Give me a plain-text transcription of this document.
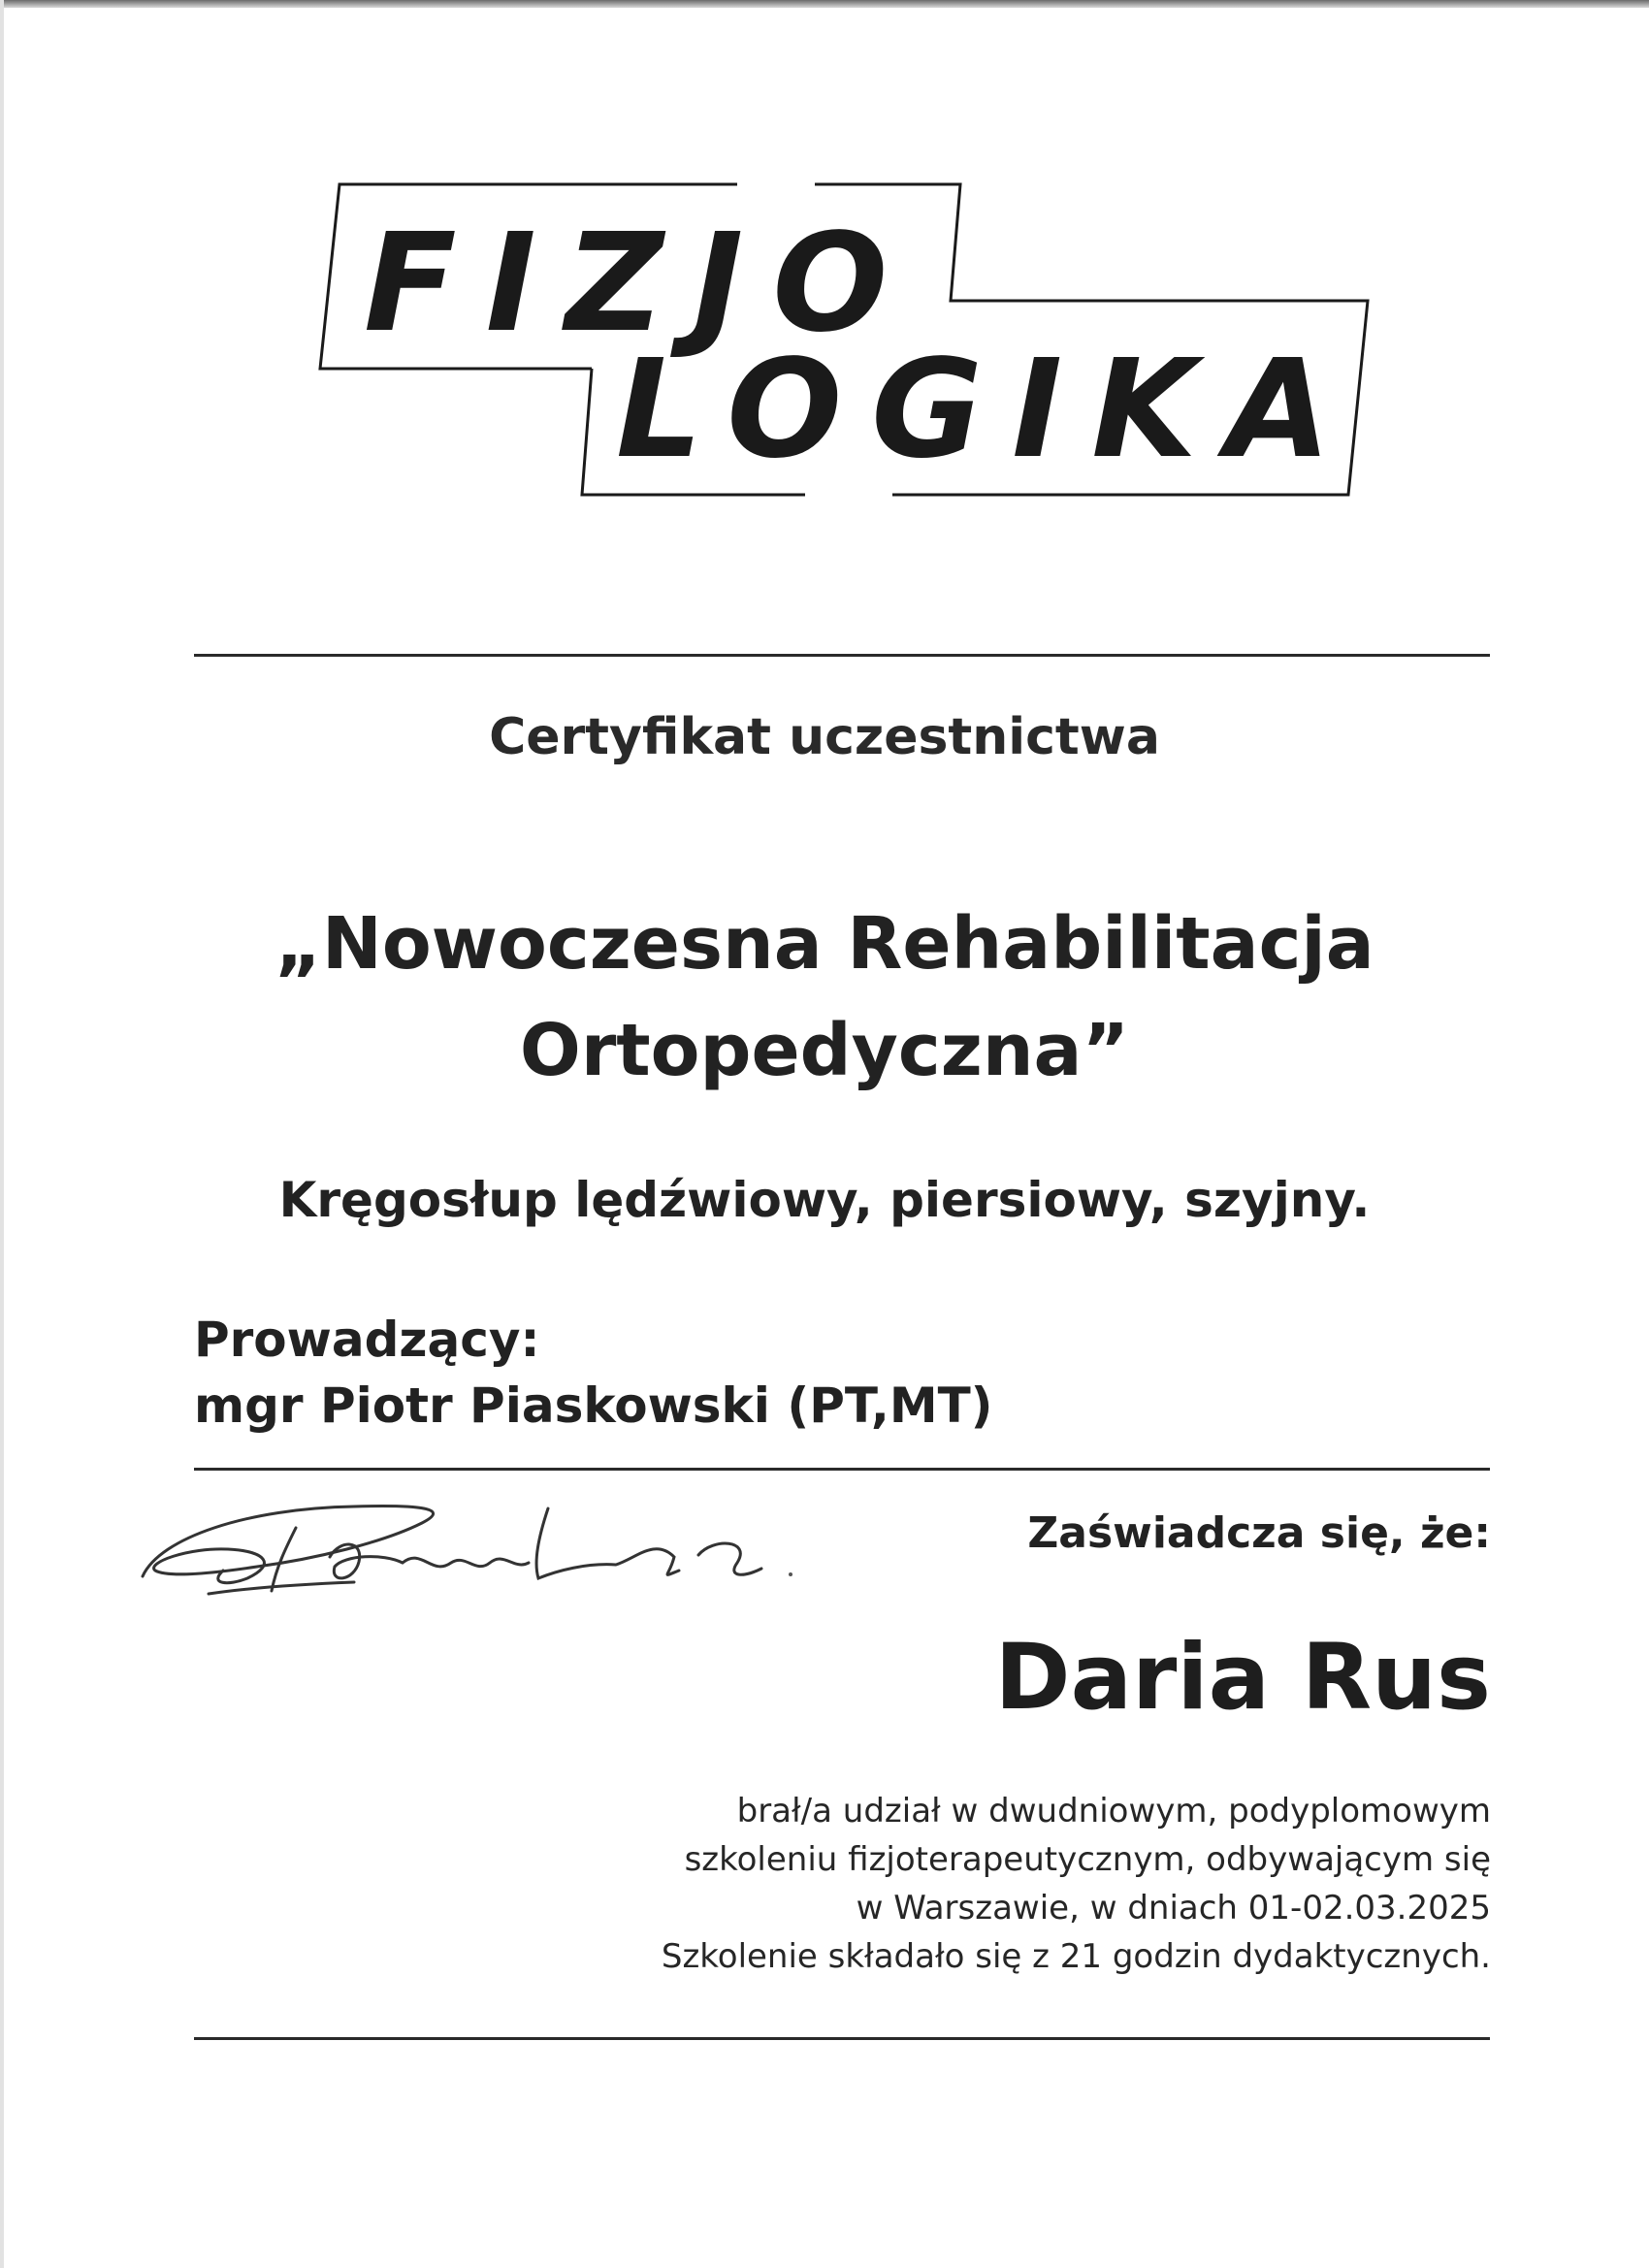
FIZJO
LOGIKA
Certyfikat uczestnictwa
„Nowoczesna Rehabilitacja
Ortopedyczna”
Kręgosłup lędźwiowy, piersiowy, szyjny.
Prowadzący:
mgr Piotr Piaskowski (PT,MT)
Zaświadcza się, że:
Daria Rus
brał/a udział w dwudniowym, podyplomowym
szkoleniu fizjoterapeutycznym, odbywającym się
w Warszawie, w dniach 01-02.03.2025
Szkolenie składało się z 21 godzin dydaktycznych.
